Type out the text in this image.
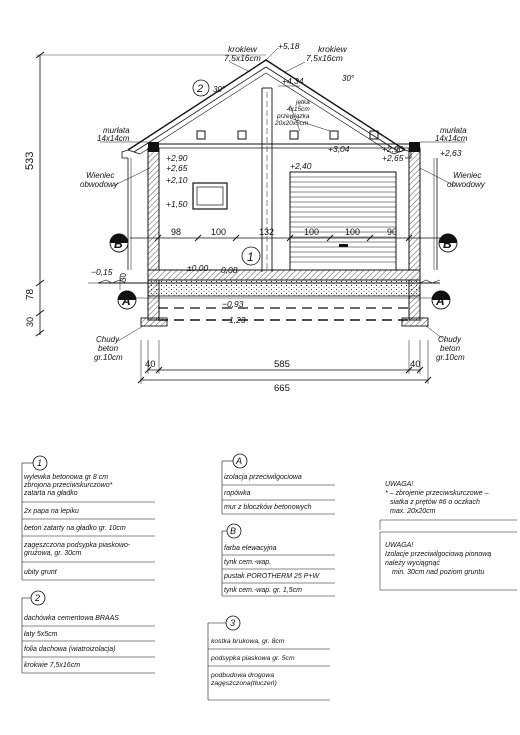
533
78
30
30
+5,18
krokiew
7,5x16cm
krokiew
7,5x16cm
30°
30°
+4,34
jętka
4x15cm
przewiązka
20x20x5cm
+3,04
2
murłata
14x14cm
murłata
14x14cm
+2,90
+2,65
+2,10
+1,50
+2,90
+2,65	+2,63
+2,40
Wieniec
obwodowy
Wieniec
obwodowy
98	100	132	100	100	90
B	B
A	A
1
±0,00 −0,08
−0,15
−0,93
−1,23
Chudy
beton
gr.10cm
Chudy
beton
gr.10cm
40	585	40
665
1
wylewka betonowa gr 8 cm
zbrojona przeciwskurczowo*
zatarta na gładko
2x papa na lepiku
beton zatarty na gładko gr. 10cm
zagęszczona podsypka piaskowo-
grużowa, gr. 30cm
ubity grunt
2
dachówka cementowa BRAAS
łaty 5x5cm
folia dachowa (wiatroizolacja)
krokwie 7,5x16cm
A
izolacja przeciwilgociowa
ropówka
mur z bloczków betonowych
B
farba elewacyjna
tynk cem.-wap.
pustak POROTHERM 25 P+W
tynk cem.-wap. gr. 1,5cm
3
kostka brukowa, gr. 8cm
podsypka piaskowa gr. 5cm
podbudowa drogowa
zagęszczona(tłuczeń)
UWAGA!
* – zbrojenie przeciwskurczowe –
siatka z prętów #6 o oczkach
max. 20x20cm
UWAGA!
Izolacje przeciwilgociową pionową
należy wyciągnąć
min. 30cm nad poziom gruntu
